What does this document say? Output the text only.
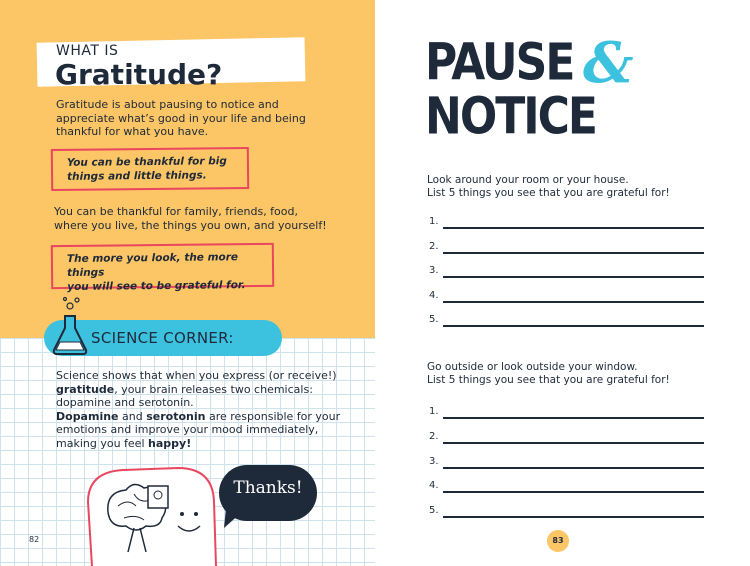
WHAT IS
Gratitude?
Gratitude is about pausing to notice and
appreciate what’s good in your life and being
thankful for what you have.
You can be thankful for big
things and little things.
You can be thankful for family, friends, food,
where you live, the things you own, and yourself!
The more you look, the more things
you will see to be grateful for.
SCIENCE CORNER:
Science shows that when you express (or receive!)
gratitude, your brain releases two chemicals:
dopamine and serotonin.
Dopamine and serotonin are responsible for your
emotions and improve your mood immediately,
making you feel happy!
Thanks!
82
PAUSE &
NOTICE
Look around your room or your house.
List 5 things you see that you are grateful for!
1.
2.
3.
4.
5.
Go outside or look outside your window.
List 5 things you see that you are grateful for!
1.
2.
3.
4.
5.
83
